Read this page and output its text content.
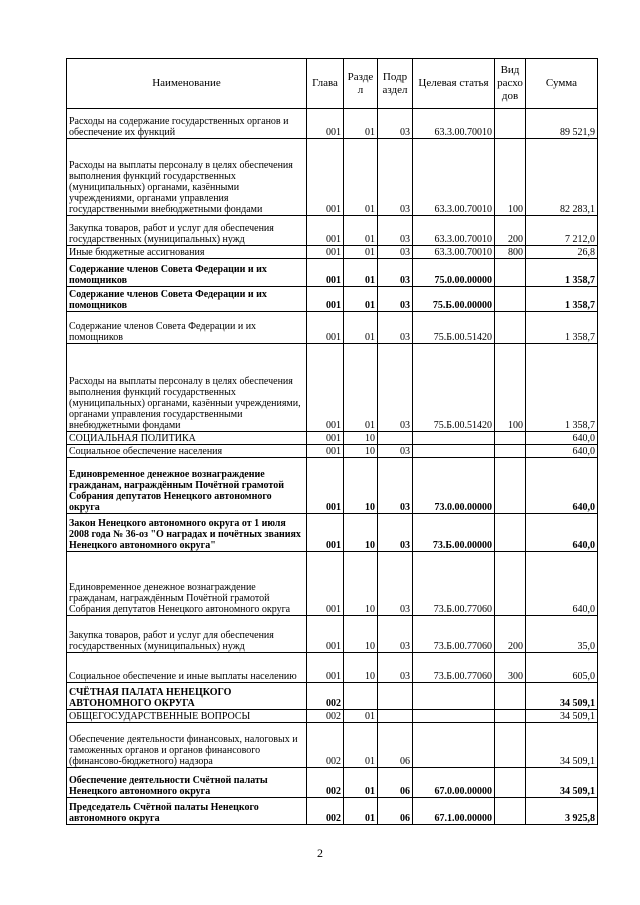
Наименование	Глава	Разде л	Подр аздел	Целевая статья	Вид расхо дов	Сумма
Расходы на содержание государственных органов и обеспечение их функций	001	01	03	63.3.00.70010		89 521,9
Расходы на выплаты персоналу в целях обеспечения выполнения функций государственных (муниципальных) органами, казёнными учреждениями, органами управления государственными внебюджетными фондами	001	01	03	63.3.00.70010	100	82 283,1
Закупка товаров, работ и услуг для обеспечения государственных (муниципальных) нужд	001	01	03	63.3.00.70010	200	7 212,0
Иные бюджетные ассигнования	001	01	03	63.3.00.70010	800	26,8
Содержание членов Совета Федерации и их помощников	001	01	03	75.0.00.00000		1 358,7
Содержание членов Совета Федерации и их помощников	001	01	03	75.Б.00.00000		1 358,7
Содержание членов Совета Федерации и их помощников	001	01	03	75.Б.00.51420		1 358,7
Расходы на выплаты персоналу в целях обеспечения выполнения функций государственных (муниципальных) органами, казённыи учреждениями, органами управления государственными внебюджетными фондами	001	01	03	75.Б.00.51420	100	1 358,7
СОЦИАЛЬНАЯ ПОЛИТИКА	001	10				640,0
Социальное обеспечение населения	001	10	03			640,0
Единовременное денежное вознаграждение гражданам, награждённым Почётной грамотой Собрания депутатов Ненецкого автономного округа	001	10	03	73.0.00.00000		640,0
Закон Ненецкого автономного округа от 1 июля 2008 года № 36-оз "О наградах и почётных званиях Ненецкого автономного округа"	001	10	03	73.Б.00.00000		640,0
Единовременное денежное вознаграждение гражданам, награждённым Почётной грамотой Собрания депутатов Ненецкого автономного округа	001	10	03	73.Б.00.77060		640,0
Закупка товаров, работ и услуг для обеспечения государственных (муниципальных) нужд	001	10	03	73.Б.00.77060	200	35,0
Социальное обеспечение и иные выплаты населению	001	10	03	73.Б.00.77060	300	605,0
СЧЁТНАЯ ПАЛАТА НЕНЕЦКОГО АВТОНОМНОГО ОКРУГА	002					34 509,1
ОБЩЕГОСУДАРСТВЕННЫЕ ВОПРОСЫ	002	01				34 509,1
Обеспечение деятельности финансовых, налоговых и таможенных органов и органов финансового (финансово-бюджетного) надзора	002	01	06			34 509,1
Обеспечение деятельности Счётной палаты Ненецкого автономного округа	002	01	06	67.0.00.00000		34 509,1
Председатель Счётной палаты Ненецкого автономного округа	002	01	06	67.1.00.00000		3 925,8
2
